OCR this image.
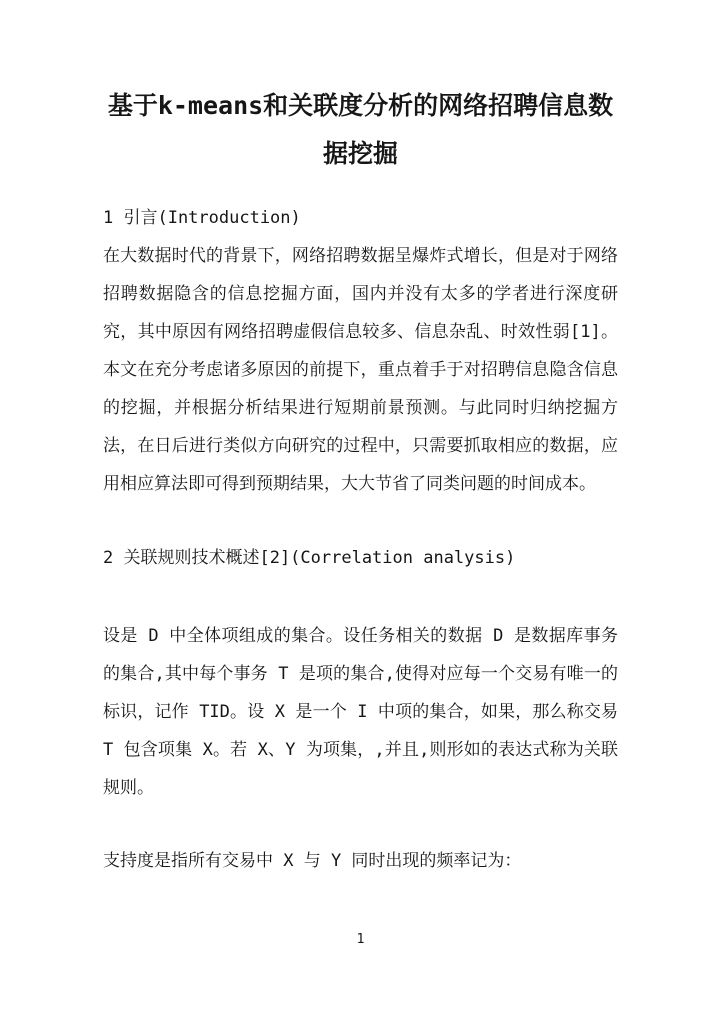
基于k-means和关联度分析的网络招聘信息数据挖掘
1 引言(Introduction)

在大数据时代的背景下，网络招聘数据呈爆炸式增长，但是对于网络招聘数据隐含的信息挖掘方面，国内并没有太多的学者进行深度研究，其中原因有网络招聘虚假信息较多、信息杂乱、时效性弱[1]。本文在充分考虑诸多原因的前提下，重点着手于对招聘信息隐含信息的挖掘，并根据分析结果进行短期前景预测。与此同时归纳挖掘方法，在日后进行类似方向研究的过程中，只需要抓取相应的数据，应用相应算法即可得到预期结果，大大节省了同类问题的时间成本。

2 关联规则技术概述[2](Correlation analysis)

设是 D 中全体项组成的集合。设任务相关的数据 D 是数据库事务的集合,其中每个事务 T 是项的集合,使得对应每一个交易有唯一的标识，记作 TID。设 X 是一个 I 中项的集合，如果，那么称交易 T 包含项集 X。若 X、Y 为项集，,并且,则形如的表达式称为关联规则。

支持度是指所有交易中 X 与 Y 同时出现的频率记为：

1
